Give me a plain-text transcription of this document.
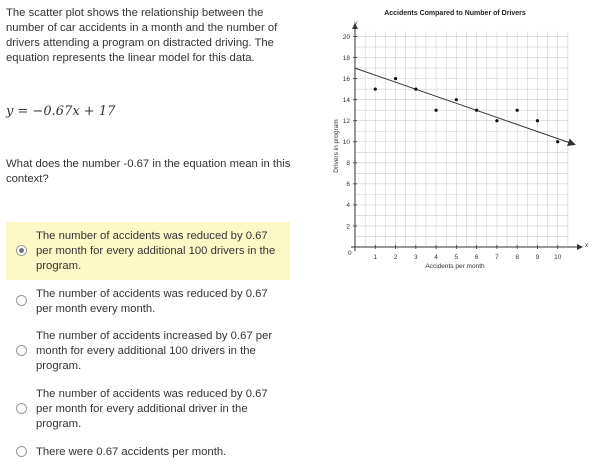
The scatter plot shows the relationship between the number of car accidents in a month and the number of drivers attending a program on distracted driving. The equation represents the linear model for this data.
y = −0.67x + 17
What does the number -0.67 in the equation mean in this context?
The number of accidents was reduced by 0.67 per month for every additional 100 drivers in the program.
The number of accidents was reduced by 0.67 per month every month.
The number of accidents increased by 0.67 per month for every additional 100 drivers in the program.
The number of accidents was reduced by 0.67 per month for every additional driver in the program.
There were 0.67 accidents per month.
Accidents Compared to Number of Drivers
1	2	3	4	5	6	7	8	9 10
2
4
6
8
10
12
14
16
18
20
Accidents per month
Drivers in program
x
y
0
